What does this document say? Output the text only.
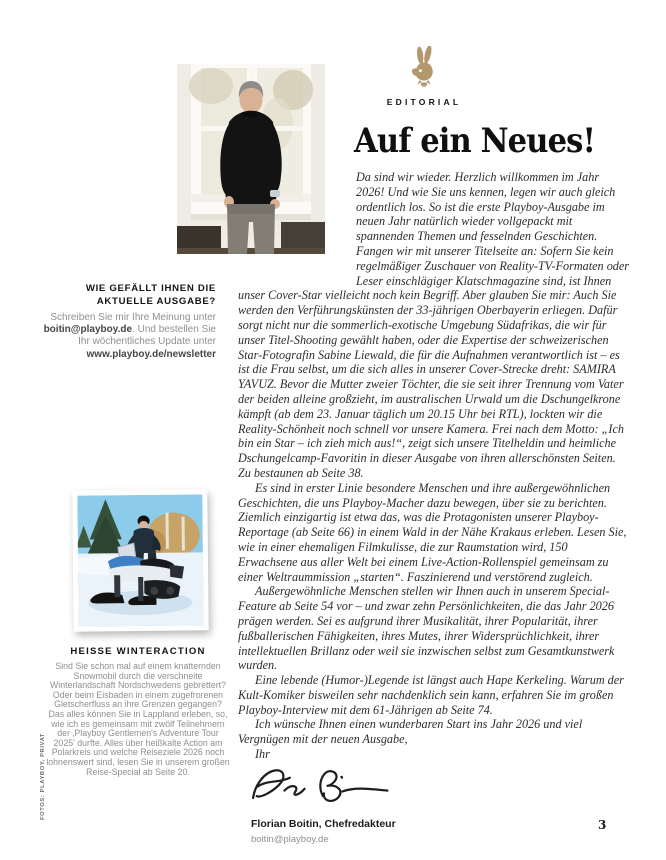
EDITORIAL
Auf ein Neues!

Da sind wir wieder. Herzlich willkommen im Jahr 2026! Und wie Sie uns kennen, legen wir auch gleich ordentlich los. So ist die erste Playboy-Ausgabe im neuen Jahr natürlich wieder vollgepackt mit spannenden Themen und fesselnden Geschichten. Fangen wir mit unserer Titelseite an: Sofern Sie kein regelmäßiger Zuschauer von Reality-TV-Formaten oder Leser einschlägiger Klatschmagazine sind, ist Ihnen unser Cover-Star vielleicht noch kein Begriff. Aber glauben Sie mir: Auch Sie werden den Verführungskünsten der 33-jährigen Oberbayerin erliegen. Dafür sorgt nicht nur die sommerlich-exotische Umgebung Südafrikas, die wir für unser Titel-Shooting gewählt haben, oder die Expertise der schweizerischen Star-Fotografin Sabine Liewald, die für die Aufnahmen verantwortlich ist – es ist die Frau selbst, um die sich alles in unserer Cover-Strecke dreht: SAMIRA YAVUZ. Bevor die Mutter zweier Töchter, die sie seit ihrer Trennung vom Vater der beiden alleine großzieht, im australischen Urwald um die Dschungelkrone kämpft (ab dem 23. Januar täglich um 20.15 Uhr bei RTL), lockten wir die Reality-Schönheit noch schnell vor unsere Kamera. Frei nach dem Motto: „Ich bin ein Star – ich zieh mich aus!“, zeigt sich unsere Titelheldin und heimliche Dschungelcamp-Favoritin in dieser Ausgabe von ihren allerschönsten Seiten. Zu bestaunen ab Seite 38.

Es sind in erster Linie besondere Menschen und ihre außergewöhnlichen Geschichten, die uns Playboy-Macher dazu bewegen, über sie zu berichten. Ziemlich einzigartig ist etwa das, was die Protagonisten unserer Playboy-Reportage (ab Seite 66) in einem Wald in der Nähe Krakaus erleben. Lesen Sie, wie in einer ehemaligen Filmkulisse, die zur Raumstation wird, 150 Erwachsene aus aller Welt bei einem Live-Action-Rollenspiel gemeinsam zu einer Weltraummission „starten“. Faszinierend und verstörend zugleich.

Außergewöhnliche Menschen stellen wir Ihnen auch in unserem Special-Feature ab Seite 54 vor – und zwar zehn Persönlichkeiten, die das Jahr 2026 prägen werden. Sei es aufgrund ihrer Musikalität, ihrer Popularität, ihrer fußballerischen Fähigkeiten, ihres Mutes, ihrer Widersprüchlichkeit, ihrer intellektuellen Brillanz oder weil sie inzwischen selbst zum Gesamtkunstwerk wurden.

Eine lebende (Humor-)Legende ist längst auch Hape Kerkeling. Warum der Kult-Komiker bisweilen sehr nachdenklich sein kann, erfahren Sie im großen Playboy-Interview mit dem 61-Jährigen ab Seite 74.

Ich wünsche Ihnen einen wunderbaren Start ins Jahr 2026 und viel Vergnügen mit der neuen Ausgabe,

Ihr

Florian Boitin, Chefredakteur
boitin@playboy.de
WIE GEFÄLLT IHNEN DIE
AKTUELLE AUSGABE?
Schreiben Sie mir Ihre Meinung unter boitin@playboy.de. Und bestellen Sie Ihr wöchentliches Update unter www.playboy.de/newsletter
HEISSE WINTERACTION
Sind Sie schon mal auf einem knatternden Snowmobil durch die verschneite Winterlandschaft Nordschwedens gebrettert? Oder beim Eisbaden in einem zugefrorenen Gletscherfluss an ihre Grenzen gegangen? Das alles können Sie in Lappland erleben, so, wie ich es gemeinsam mit zwölf Teilnehmern der ‚Playboy Gentlemen's Adventure Tour 2025' durfte. Alles über heißkalte Action am Polarkreis und welche Reiseziele 2026 noch lohnenswert sind, lesen Sie in unserem großen Reise-Special ab Seite 20.
FOTOS: PLAYBOY, PRIVAT
3
